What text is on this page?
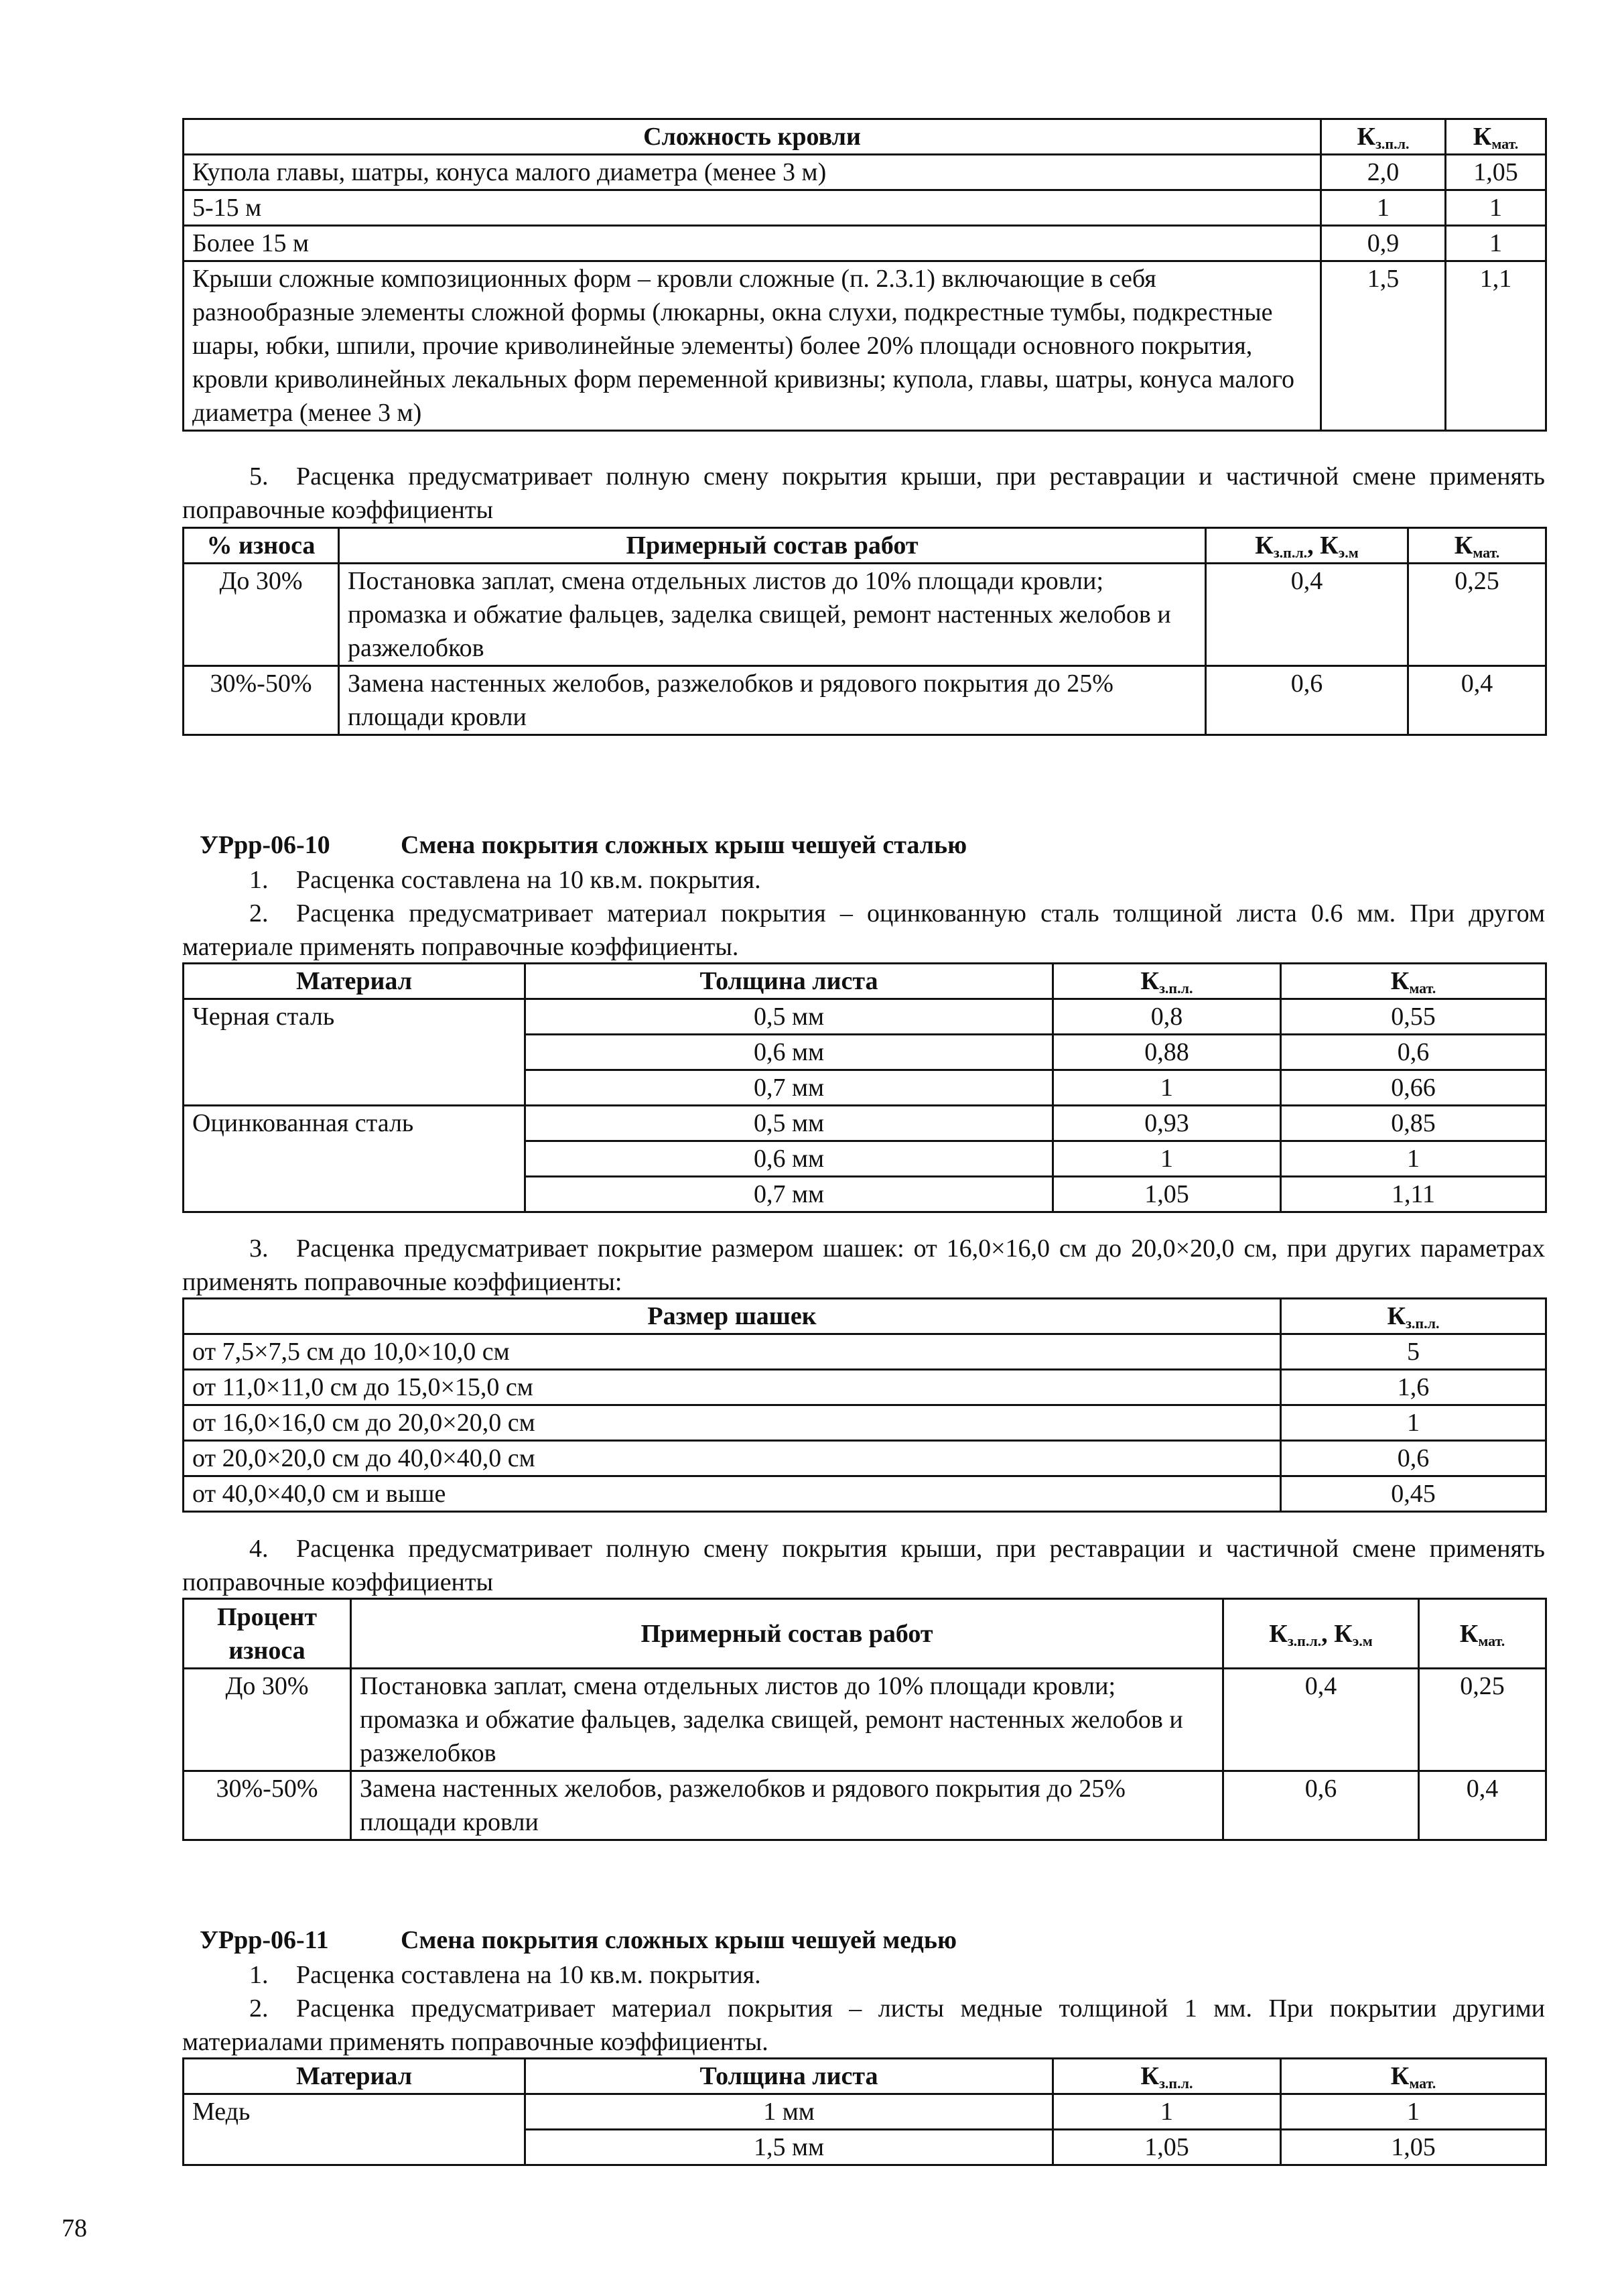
Сложность кровли	$К_{з.п.л.}$	$К_{мат.}$
Купола главы, шатры, конуса малого диаметра (менее 3 м)	2,0	1,05
5-15 м	1	1
Более 15 м	0,9	1
Крыши сложные композиционных форм – кровли сложные (п. 2.3.1) включающие в себя разнообразные элементы сложной формы (люкарны, окна слухи, подкрестные тумбы, подкрестные шары, юбки, шпили, прочие криволинейные элементы) более 20% площади основного покрытия, кровли криволинейных лекальных форм переменной кривизны; купола, главы, шатры, конуса малого диаметра (менее 3 м)	1,5	1,1
5. Расценка предусматривает полную смену покрытия крыши, при реставрации и частичной смене применять поправочные коэффициенты
% износа	Примерный состав работ	$К_{з.п.л.}$, $К_{э.м}$	$К_{мат.}$
До 30%	Постановка заплат, смена отдельных листов до 10% площади кровли; промазка и обжатие фальцев, заделка свищей, ремонт настенных желобов и разжелобков	0,4	0,25
30%-50%	Замена настенных желобов, разжелобков и рядового покрытия до 25% площади кровли	0,6	0,4
УРрр-06-10	Смена покрытия сложных крыш чешуей сталью
1. Расценка составлена на 10 кв.м. покрытия.
2. Расценка предусматривает материал покрытия – оцинкованную сталь толщиной листа 0.6 мм. При другом материале применять поправочные коэффициенты.
Материал	Толщина листа	$К_{з.п.л.}$	$К_{мат.}$
Черная сталь	0,5 мм	0,8	0,55
	0,6 мм	0,88	0,6
	0,7 мм	1	0,66
Оцинкованная сталь	0,5 мм	0,93	0,85
	0,6 мм	1	1
	0,7 мм	1,05	1,11
3. Расценка предусматривает покрытие размером шашек: от 16,0×16,0 см до 20,0×20,0 см, при других параметрах применять поправочные коэффициенты:
Размер шашек	$К_{з.п.л.}$
от 7,5×7,5 см до 10,0×10,0 см	5
от 11,0×11,0 см до 15,0×15,0 см	1,6
от 16,0×16,0 см до 20,0×20,0 см	1
от 20,0×20,0 см до 40,0×40,0 см	0,6
от 40,0×40,0 см и выше	0,45
4. Расценка предусматривает полную смену покрытия крыши, при реставрации и частичной смене применять поправочные коэффициенты
Процент
износа	Примерный состав работ	$К_{з.п.л.}$, $К_{э.м}$	$К_{мат.}$
До 30%	Постановка заплат, смена отдельных листов до 10% площади кровли; промазка и обжатие фальцев, заделка свищей, ремонт настенных желобов и разжелобков	0,4	0,25
30%-50%	Замена настенных желобов, разжелобков и рядового покрытия до 25% площади кровли	0,6	0,4
УРрр-06-11	Смена покрытия сложных крыш чешуей медью
1. Расценка составлена на 10 кв.м. покрытия.
2. Расценка предусматривает материал покрытия – листы медные толщиной 1 мм. При покрытии другими материалами применять поправочные коэффициенты.
Материал	Толщина листа	$К_{з.п.л.}$	$К_{мат.}$
Медь	1 мм	1	1
	1,5 мм	1,05	1,05
78
